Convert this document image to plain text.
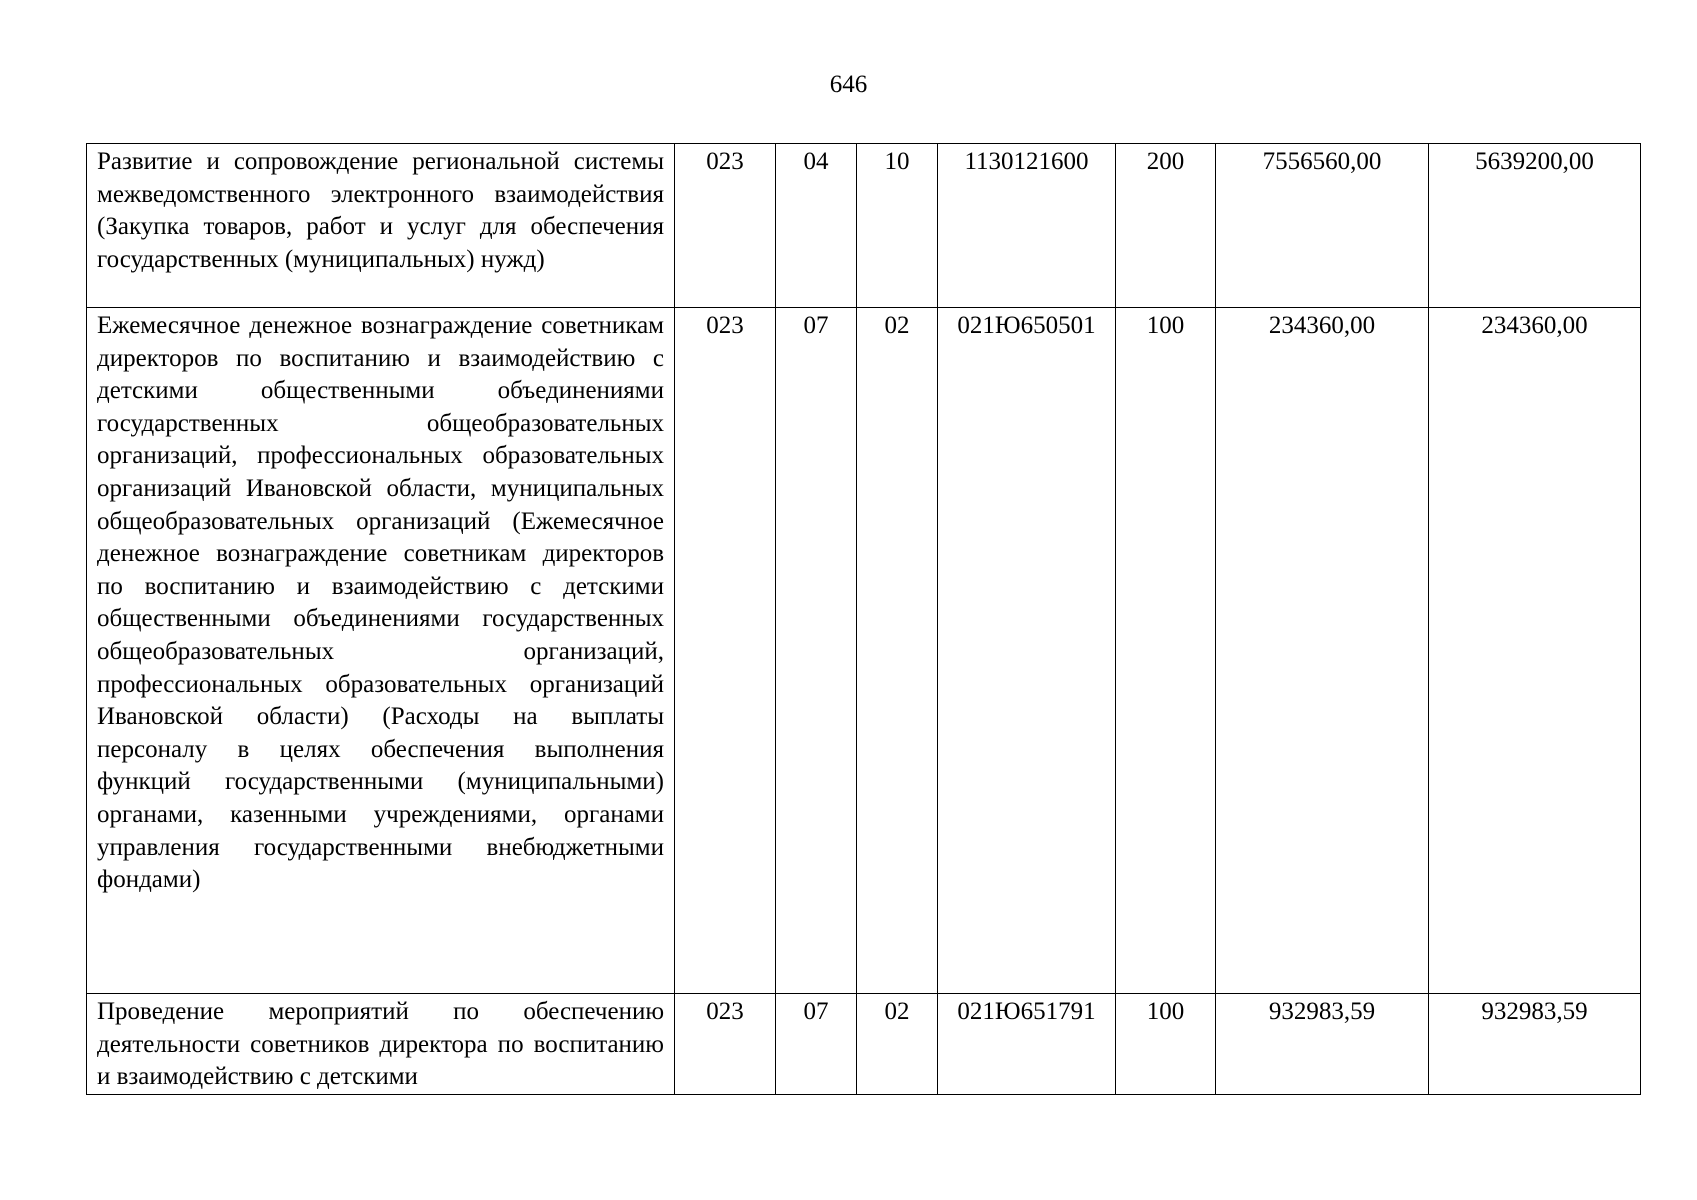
646
Развитие и сопровождение региональной системы межведомственного электронного взаимодействия (Закупка товаров, работ и услуг для обеспечения государственных (муниципальных) нужд)	023	04	10	1130121600	200	7556560,00	5639200,00
Ежемесячное денежное вознаграждение советникам директоров по воспитанию и взаимодействию с детскими общественными объединениями государственных общеобразовательных организаций, профессиональных образовательных организаций Ивановской области, муниципальных общеобразовательных организаций (Ежемесячное денежное вознаграждение советникам директоров по воспитанию и взаимодействию с детскими общественными объединениями государственных общеобразовательных организаций, профессиональных образовательных организаций Ивановской области) (Расходы на выплаты персоналу в целях обеспечения выполнения функций государственными (муниципальными) органами, казенными учреждениями, органами управления государственными внебюджетными фондами)	023	07	02	021Ю650501	100	234360,00	234360,00
Проведение мероприятий по обеспечению деятельности советников директора по воспитанию и взаимодействию с детскими	023	07	02	021Ю651791	100	932983,59	932983,59
